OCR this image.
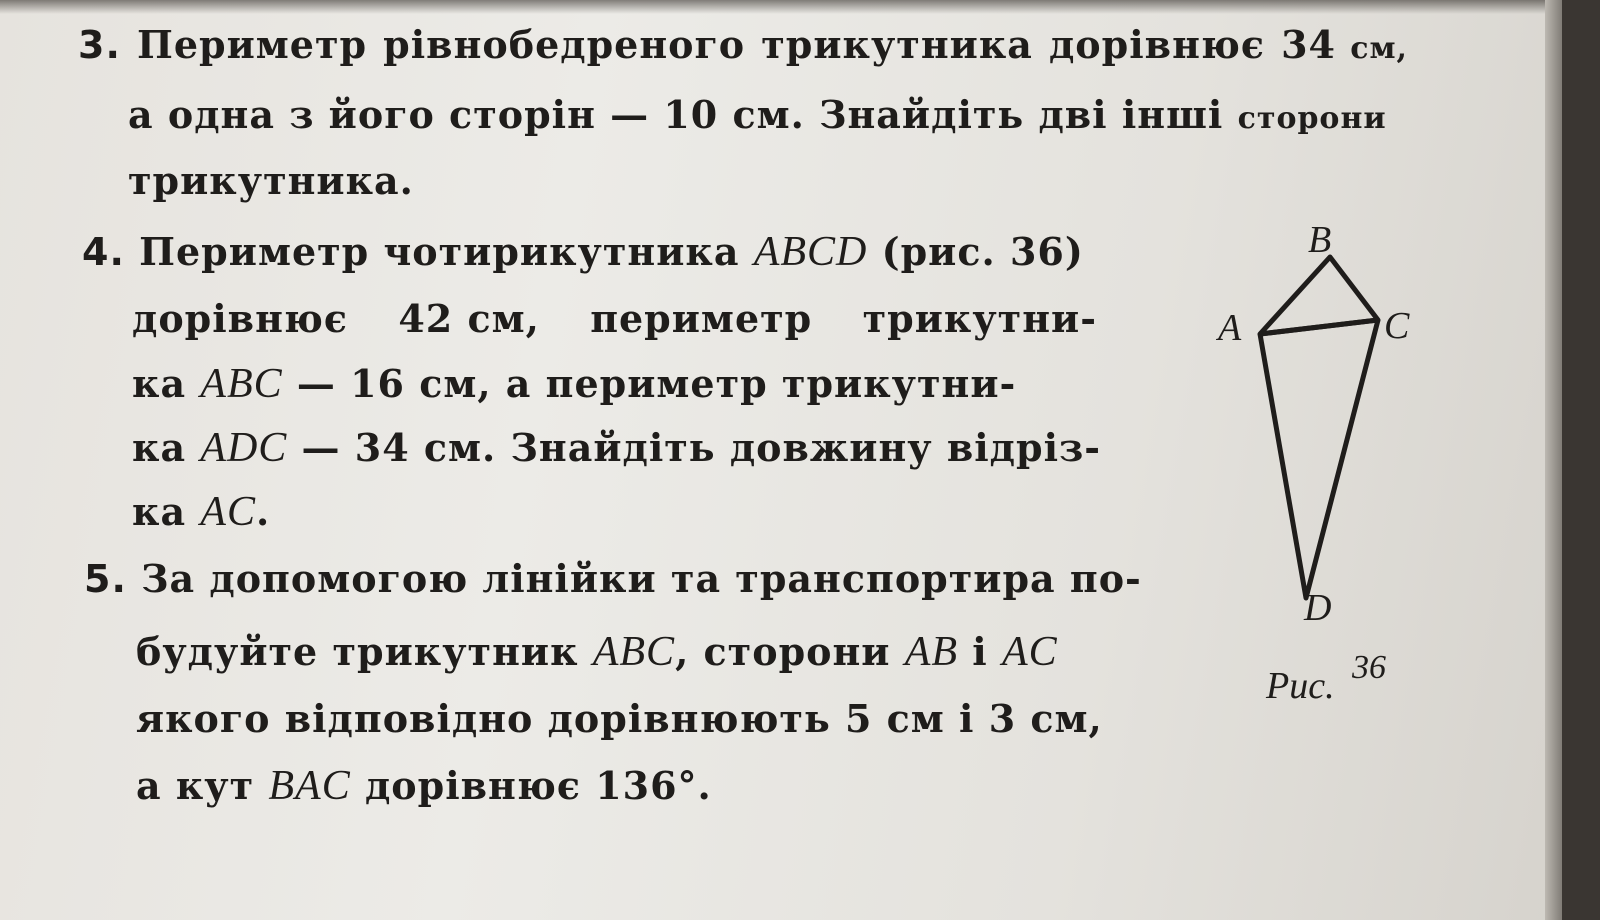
3. Периметр рівнобедреного трикутника дорівнює 34 см,
а одна з його сторін — 10 см. Знайдіть дві інші сторони
трикутника.
4. Периметр чотирикутника ABCD (рис. 36)
дорівнює 42 см, периметр трикутни-
ка ABC — 16 см, а периметр трикутни-
ка ADC — 34 см. Знайдіть довжину відріз-
ка AC.
5. За допомогою лінійки та транспортира по-
будуйте трикутник ABC, сторони AB і AC
якого відповідно дорівнюють 5 см і 3 см,
а кут BAC дорівнює 136°.
B
A	C
D
Рис. 36
